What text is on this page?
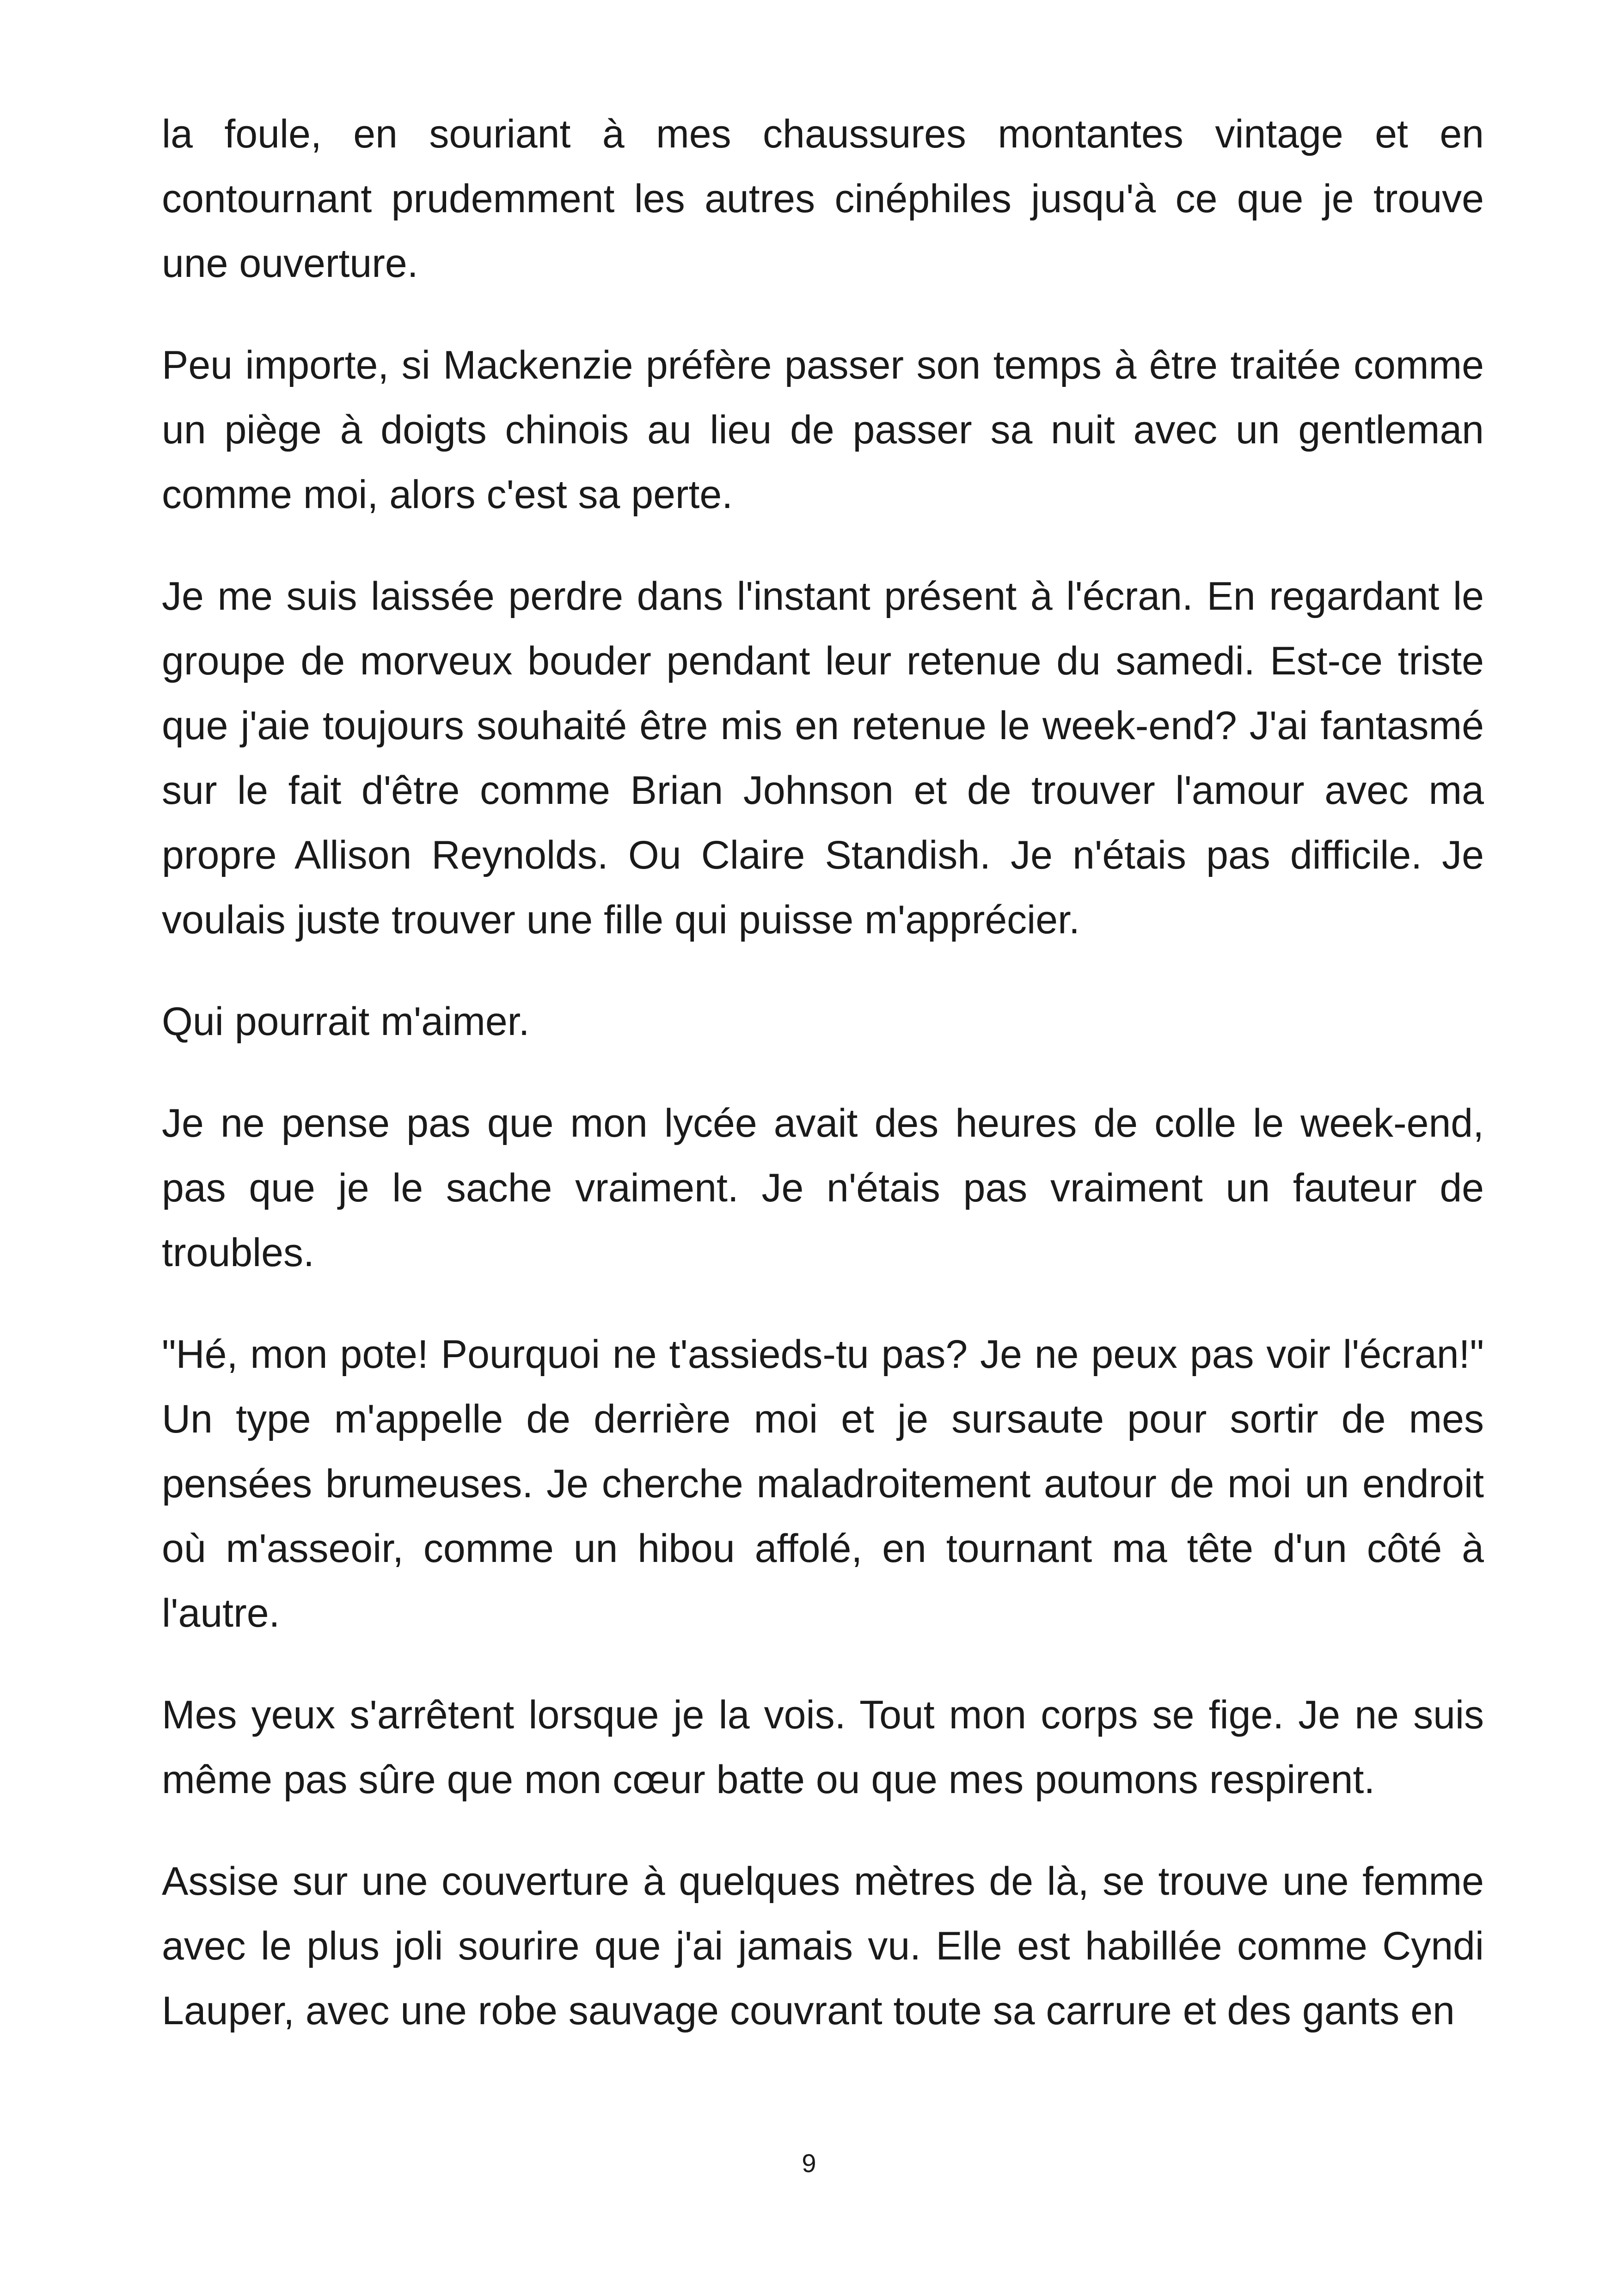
la foule, en souriant à mes chaussures montantes vintage et en contournant prudemment les autres cinéphiles jusqu'à ce que je trouve une ouverture.

Peu importe, si Mackenzie préfère passer son temps à être traitée comme un piège à doigts chinois au lieu de passer sa nuit avec un gentleman comme moi, alors c'est sa perte.

Je me suis laissée perdre dans l'instant présent à l'écran. En regardant le groupe de morveux bouder pendant leur retenue du samedi. Est-ce triste que j'aie toujours souhaité être mis en retenue le week-end? J'ai fantasmé sur le fait d'être comme Brian Johnson et de trouver l'amour avec ma propre Allison Reynolds. Ou Claire Standish. Je n'étais pas difficile. Je voulais juste trouver une fille qui puisse m'apprécier.

Qui pourrait m'aimer.

Je ne pense pas que mon lycée avait des heures de colle le week-end, pas que je le sache vraiment. Je n'étais pas vraiment un fauteur de troubles.

"Hé, mon pote! Pourquoi ne t'assieds-tu pas? Je ne peux pas voir l'écran!" Un type m'appelle de derrière moi et je sursaute pour sortir de mes pensées brumeuses. Je cherche maladroitement autour de moi un endroit où m'asseoir, comme un hibou affolé, en tournant ma tête d'un côté à l'autre.

Mes yeux s'arrêtent lorsque je la vois. Tout mon corps se fige. Je ne suis même pas sûre que mon cœur batte ou que mes poumons respirent.

Assise sur une couverture à quelques mètres de là, se trouve une femme avec le plus joli sourire que j'ai jamais vu. Elle est habillée comme Cyndi Lauper, avec une robe sauvage couvrant toute sa carrure et des gants en

9
